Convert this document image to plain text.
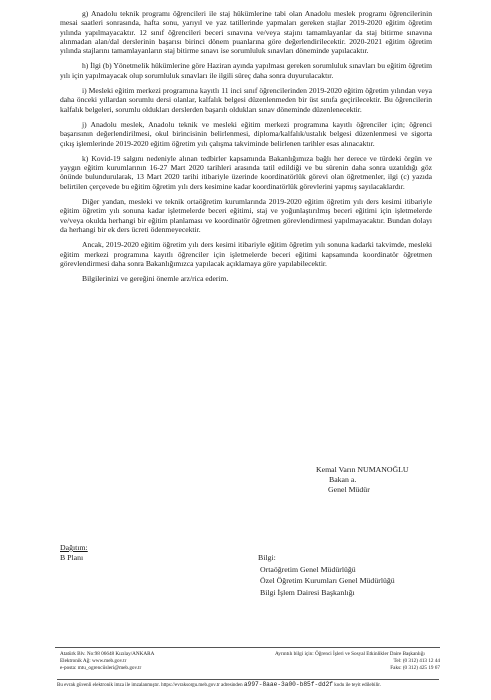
g) Anadolu teknik programı öğrencileri ile staj hükümlerine tabi olan Anadolu meslek programı öğrencilerinin mesai saatleri sonrasında, hafta sonu, yarıyıl ve yaz tatillerinde yapmaları gereken stajlar 2019-2020 eğitim öğretim yılında yapılmayacaktır. 12 sınıf öğrencileri beceri sınavına ve/veya stajını tamamlayanlar da staj bitirme sınavına alınmadan alan/dal derslerinin başarısı birinci dönem puanlarına göre değerlendirilecektir. 2020-2021 eğitim öğretim yılında stajlarını tamamlayanların staj bitirme sınavı ise sorumluluk sınavları döneminde yapılacaktır.

h) İlgi (b) Yönetmelik hükümlerine göre Haziran ayında yapılması gereken sorumluluk sınavları bu eğitim öğretim yılı için yapılmayacak olup sorumluluk sınavları ile ilgili süreç daha sonra duyurulacaktır.

i) Mesleki eğitim merkezi programına kayıtlı 11 inci sınıf öğrencilerinden 2019-2020 eğitim öğretim yılından veya daha önceki yıllardan sorumlu dersi olanlar, kalfalık belgesi düzenlenmeden bir üst sınıfa geçirilecektir. Bu öğrencilerin kalfalık belgeleri, sorumlu oldukları derslerden başarılı oldukları sınav döneminde düzenlenecektir.

j) Anadolu meslek, Anadolu teknik ve mesleki eğitim merkezi programına kayıtlı öğrenciler için; öğrenci başarısının değerlendirilmesi, okul birincisinin belirlenmesi, diploma/kalfalık/ustalık belgesi düzenlenmesi ve sigorta çıkış işlemlerinde 2019-2020 eğitim öğretim yılı çalışma takviminde belirlenen tarihler esas alınacaktır.

k) Kovid-19 salgını nedeniyle alınan tedbirler kapsamında Bakanlığımıza bağlı her derece ve türdeki örgün ve yaygın eğitim kurumlarının 16-27 Mart 2020 tarihleri arasında tatil edildiği ve bu sürenin daha sonra uzatıldığı göz önünde bulundurularak, 13 Mart 2020 tarihi itibariyle üzerinde koordinatörlük görevi olan öğretmenler, ilgi (c) yazıda belirtilen çerçevede bu eğitim öğretim yılı ders kesimine kadar koordinatörlük görevlerini yapmış sayılacaklardır.

Diğer yandan, mesleki ve teknik ortaöğretim kurumlarında 2019-2020 eğitim öğretim yılı ders kesimi itibariyle eğitim öğretim yılı sonuna kadar işletmelerde beceri eğitimi, staj ve yoğunlaştırılmış beceri eğitimi için işletmelerde ve/veya okulda herhangi bir eğitim planlaması ve koordinatör öğretmen görevlendirmesi yapılmayacaktır. Bundan dolayı da herhangi bir ek ders ücreti ödenmeyecektir.

Ancak, 2019-2020 eğitim öğretim yılı ders kesimi itibariyle eğitim öğretim yılı sonuna kadarki takvimde, mesleki eğitim merkezi programına kayıtlı öğrenciler için işletmelerde beceri eğitimi kapsamında koordinatör öğretmen görevlendirmesi daha sonra Bakanlığımızca yapılacak açıklamaya göre yapılabilecektir.

Bilgilerinizi ve gereğini önemle arz/rica ederim.

Kemal Varın NUMANOĞLU
Bakan a.
Genel Müdür
Dağıtım:
B Planı	Bilgi:
Ortaöğretim Genel Müdürlüğü
Özel Öğretim Kurumları Genel Müdürlüğü
Bilgi İşlem Dairesi Başkanlığı
Atatürk Blv. No:98 06648 Kızılay/ANKARA
Elektronik Ağ: www.meb.gov.tr
e-posta: mtu_ogrenciisleri@meb.gov.tr
Ayrıntılı bilgi için: Öğrenci İşleri ve Sosyal Etkinlikler Daire Başkanlığı
Tel: (0 312) 413 12 44
Faks: (0 312) 425 19 67
Bu evrak güvenli elektronik imza ile imzalanmıştır. https://evraksorgu.meb.gov.tr adresinden a997-8aae-3a00-b85f-dd2f kodu ile teyit edilebilir.
